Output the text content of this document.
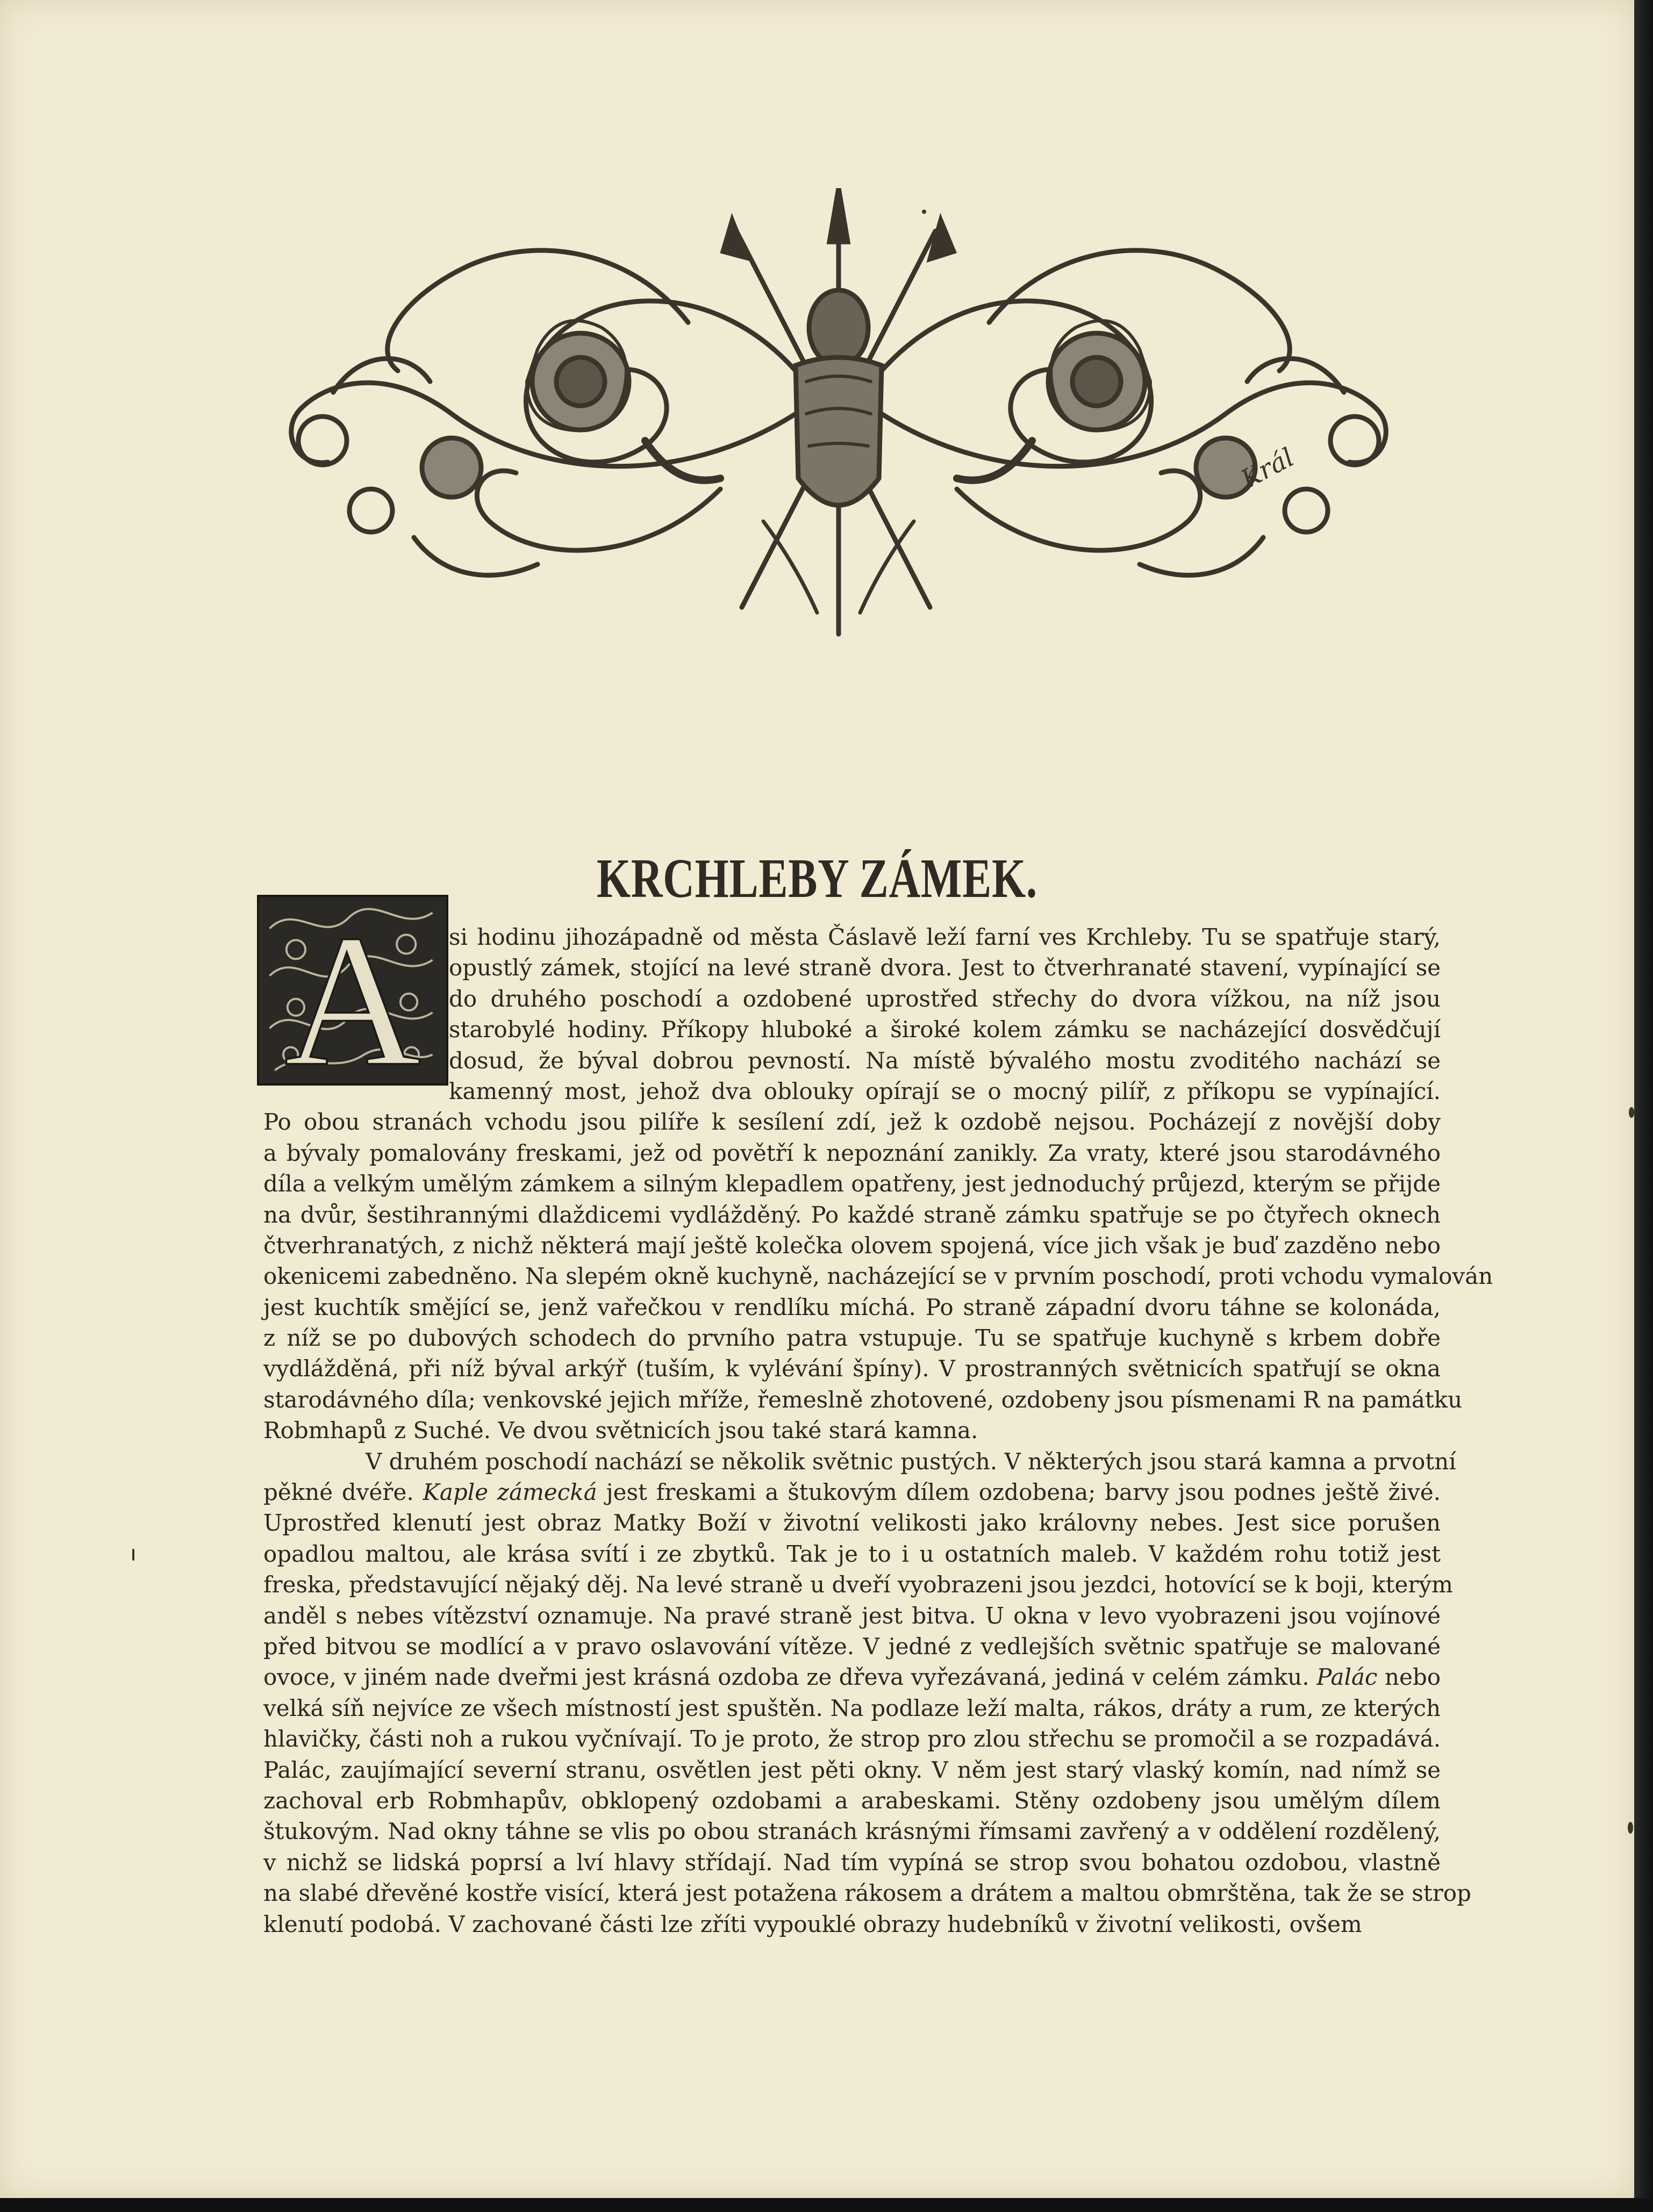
Král
KRCHLEBY ZÁMEK.
A si hodinu jihozápadně od města Čáslavě leží farní ves Krchleby. Tu se spatřuje starý,
opustlý zámek, stojící na levé straně dvora. Jest to čtverhranaté stavení, vypínající se
do druhého poschodí a ozdobené uprostřed střechy do dvora vížkou, na níž jsou
starobylé hodiny. Příkopy hluboké a široké kolem zámku se nacházející dosvědčují
dosud, že býval dobrou pevností. Na místě bývalého mostu zvoditého nachází se
kamenný most, jehož dva oblouky opírají se o mocný pilíř, z příkopu se vypínající.
Po obou stranách vchodu jsou pilíře k sesílení zdí, jež k ozdobě nejsou. Pocházejí z novější doby
a bývaly pomalovány freskami, jež od povětří k nepoznání zanikly. Za vraty, které jsou starodávného
díla a velkým umělým zámkem a silným klepadlem opatřeny, jest jednoduchý průjezd, kterým se přijde
na dvůr, šestihrannými dlaždicemi vydlážděný. Po každé straně zámku spatřuje se po čtyřech oknech
čtverhranatých, z nichž některá mají ještě kolečka olovem spojená, více jich však je buď zazděno nebo
okenicemi zabedněno. Na slepém okně kuchyně, nacházející se v prvním poschodí, proti vchodu vymalován
jest kuchtík smějící se, jenž vařečkou v rendlíku míchá. Po straně západní dvoru táhne se kolonáda,
z níž se po dubových schodech do prvního patra vstupuje. Tu se spatřuje kuchyně s krbem dobře
vydlážděná, při níž býval arkýř (tuším, k vylévání špíny). V prostranných světnicích spatřují se okna
starodávného díla; venkovské jejich mříže, řemeslně zhotovené, ozdobeny jsou písmenami R na památku
Robmhapů z Suché. Ve dvou světnicích jsou také stará kamna.
V druhém poschodí nachází se několik světnic pustých. V některých jsou stará kamna a prvotní
pěkné dvéře. Kaple zámecká jest freskami a štukovým dílem ozdobena; barvy jsou podnes ještě živé.
Uprostřed klenutí jest obraz Matky Boží v životní velikosti jako královny nebes. Jest sice porušen
opadlou maltou, ale krása svítí i ze zbytků. Tak je to i u ostatních maleb. V každém rohu totiž jest
freska, představující nějaký děj. Na levé straně u dveří vyobrazeni jsou jezdci, hotovící se k boji, kterým
anděl s nebes vítězství oznamuje. Na pravé straně jest bitva. U okna v levo vyobrazeni jsou vojínové
před bitvou se modlící a v pravo oslavování vítěze. V jedné z vedlejších světnic spatřuje se malované
ovoce, v jiném nade dveřmi jest krásná ozdoba ze dřeva vyřezávaná, jediná v celém zámku. Palác nebo
velká síň nejvíce ze všech místností jest spuštěn. Na podlaze leží malta, rákos, dráty a rum, ze kterých
hlavičky, části noh a rukou vyčnívají. To je proto, že strop pro zlou střechu se promočil a se rozpadává.
Palác, zaujímající severní stranu, osvětlen jest pěti okny. V něm jest starý vlaský komín, nad nímž se
zachoval erb Robmhapův, obklopený ozdobami a arabeskami. Stěny ozdobeny jsou umělým dílem
štukovým. Nad okny táhne se vlis po obou stranách krásnými římsami zavřený a v oddělení rozdělený,
v nichž se lidská poprsí a lví hlavy střídají. Nad tím vypíná se strop svou bohatou ozdobou, vlastně
na slabé dřevěné kostře visící, která jest potažena rákosem a drátem a maltou obmrštěna, tak že se strop
klenutí podobá. V zachované části lze zříti vypouklé obrazy hudebníků v životní velikosti, ovšem
